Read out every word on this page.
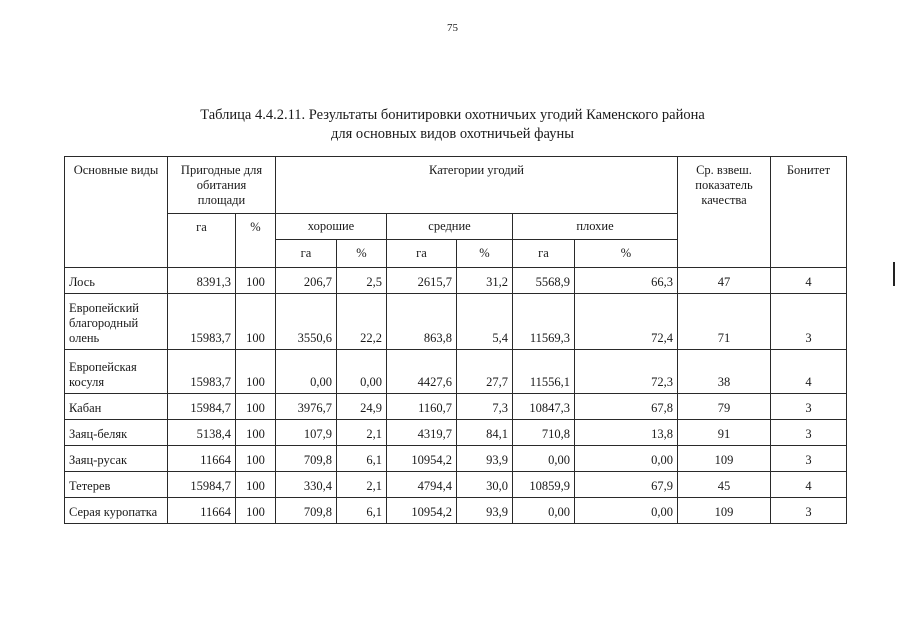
75
Таблица 4.4.2.11. Результаты бонитировки охотничьих угодий Каменского района
для основных видов охотничьей фауны
Основные виды	Пригодные для обитания площади		Категории угодий						Ср. взвеш. показатель качества	Бонитет
	га	%	хорошие		средние		плохие			
			га	%	га	%	га	%		
Лось	8391,3	100	206,7	2,5	2615,7	31,2	5568,9	66,3	47	4
Европейский благородный олень	15983,7	100	3550,6	22,2	863,8	5,4	11569,3	72,4	71	3
Европейская косуля	15983,7	100	0,00	0,00	4427,6	27,7	11556,1	72,3	38	4
Кабан	15984,7	100	3976,7	24,9	1160,7	7,3	10847,3	67,8	79	3
Заяц-беляк	5138,4	100	107,9	2,1	4319,7	84,1	710,8	13,8	91	3
Заяц-русак	11664	100	709,8	6,1	10954,2	93,9	0,00	0,00	109	3
Тетерев	15984,7	100	330,4	2,1	4794,4	30,0	10859,9	67,9	45	4
Серая куропатка	11664	100	709,8	6,1	10954,2	93,9	0,00	0,00	109	3
